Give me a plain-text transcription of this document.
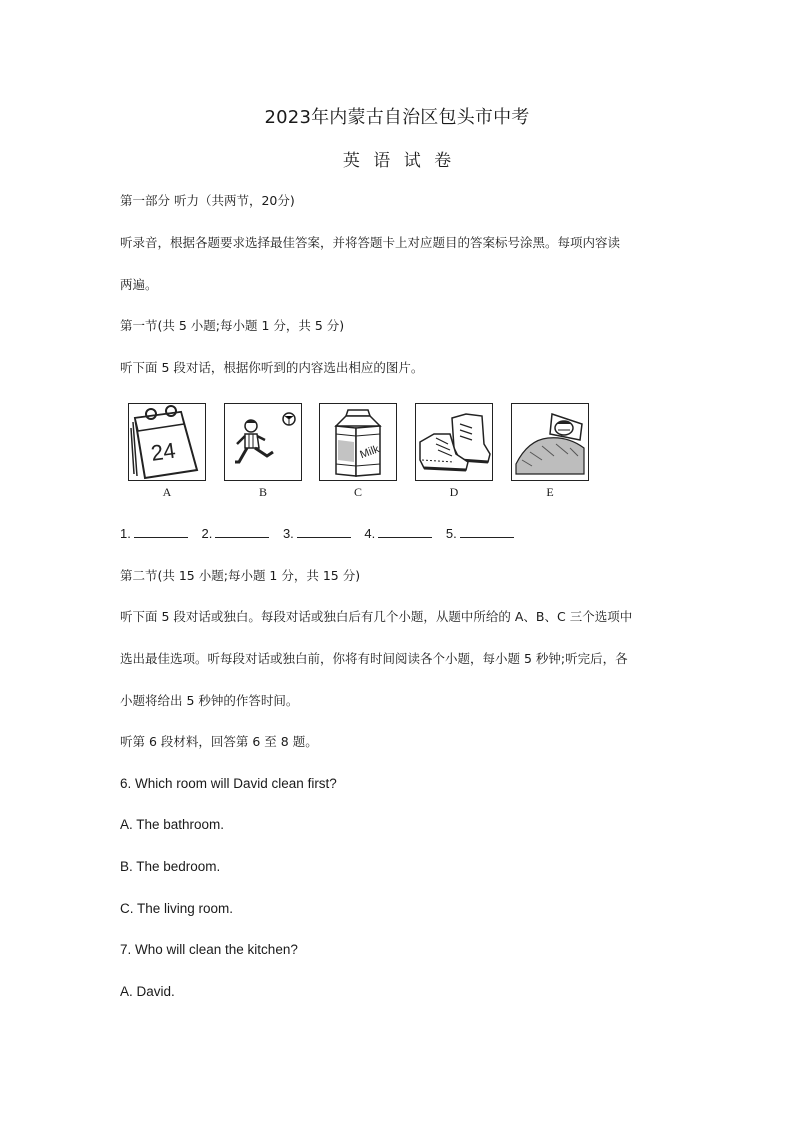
2023年内蒙古自治区包头市中考
英 语 试 卷
第一部分 听力（共两节，20分)
听录音，根据各题要求选择最佳答案，并将答题卡上对应题目的答案标号涂黑。每项内容读
两遍。
第一节(共 5 小题;每小题 1 分，共 5 分)
听下面 5 段对话，根据你听到的内容选出相应的图片。
24
A	B
Milk
C	D	E
1.	2.	3.	4.	5.
第二节(共 15 小题;每小题 1 分，共 15 分)
听下面 5 段对话或独白。每段对话或独白后有几个小题，从题中所给的 A、B、C 三个选项中
选出最佳选项。听每段对话或独白前，你将有时间阅读各个小题，每小题 5 秒钟;听完后，各
小题将给出 5 秒钟的作答时间。
听第 6 段材料，回答第 6 至 8 题。
6. Which room will David clean first?
A. The bathroom.
B. The bedroom.
C. The living room.
7. Who will clean the kitchen?
A. David.
